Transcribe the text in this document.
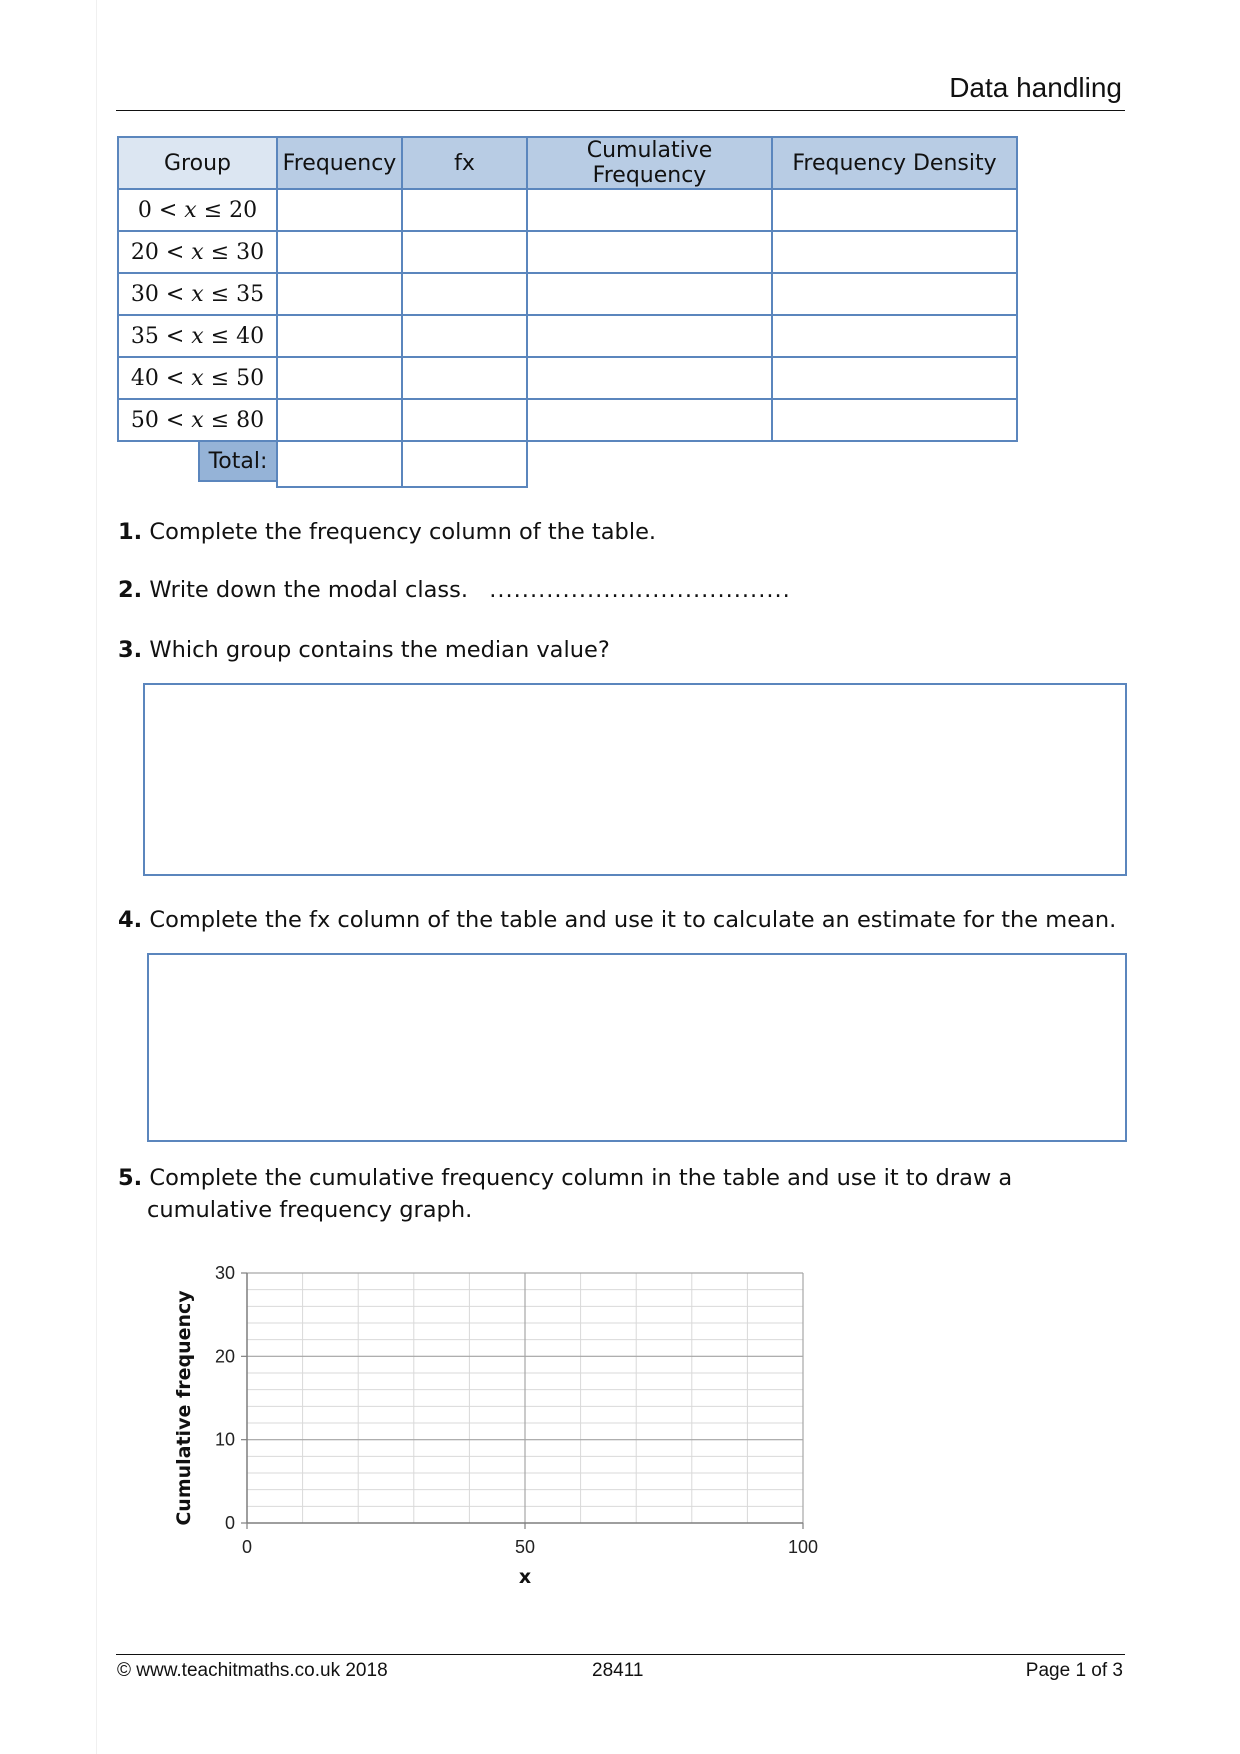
Data handling
Group	Frequency	fx	Cumulative Frequency	Frequency Density
0 < x ≤ 20				
20 < x ≤ 30				
30 < x ≤ 35				
35 < x ≤ 40				
40 < x ≤ 50				
50 < x ≤ 80				

Total:				

1. Complete the frequency column of the table.
2. Write down the modal class. .....................................
3. Which group contains the median value?
4. Complete the fx column of the table and use it to calculate an estimate for the mean.
5. Complete the cumulative frequency column in the table and use it to draw a
cumulative frequency graph.
0
10
20
30
0	50	100
x
Cumulative frequency
© www.teachitmaths.co.uk 2018	28411	Page 1 of 3
